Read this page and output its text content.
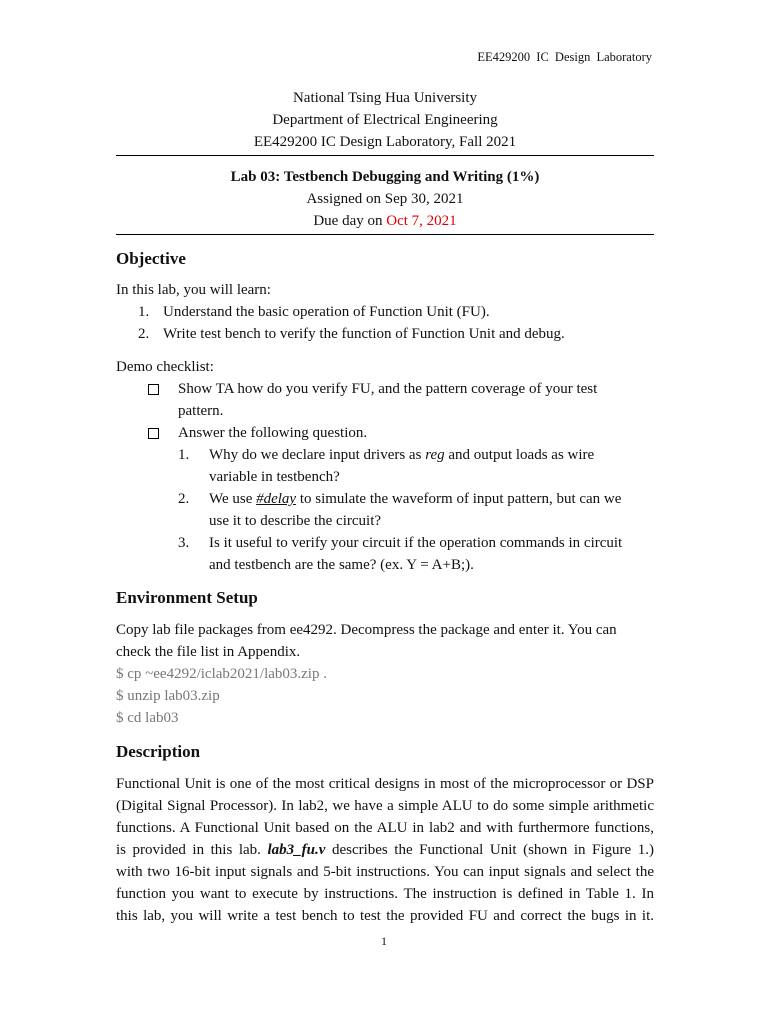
EE429200 IC Design Laboratory
National Tsing Hua University
Department of Electrical Engineering
EE429200 IC Design Laboratory, Fall 2021
Lab 03: Testbench Debugging and Writing (1%)
Assigned on Sep 30, 2021
Due day on Oct 7, 2021
Objective
In this lab, you will learn:
1. Understand the basic operation of Function Unit (FU).
2. Write test bench to verify the function of Function Unit and debug.
Demo checklist:
Show TA how do you verify FU, and the pattern coverage of your test
pattern.
Answer the following question.
1. Why do we declare input drivers as reg and output loads as wire
variable in testbench?
2. We use #delay to simulate the waveform of input pattern, but can we
use it to describe the circuit?
3. Is it useful to verify your circuit if the operation commands in circuit
and testbench are the same? (ex. Y = A+B;).
Environment Setup
Copy lab file packages from ee4292. Decompress the package and enter it. You can
check the file list in Appendix.
$ cp ~ee4292/iclab2021/lab03.zip .
$ unzip lab03.zip
$ cd lab03
Description
Functional Unit is one of the most critical designs in most of the microprocessor or DSP
(Digital Signal Processor). In lab2, we have a simple ALU to do some simple arithmetic
functions. A Functional Unit based on the ALU in lab2 and with furthermore functions,
is provided in this lab. lab3_fu.v describes the Functional Unit (shown in Figure 1.)
with two 16-bit input signals and 5-bit instructions. You can input signals and select the
function you want to execute by instructions. The instruction is defined in Table 1. In
this lab, you will write a test bench to test the provided FU and correct the bugs in it.
1
